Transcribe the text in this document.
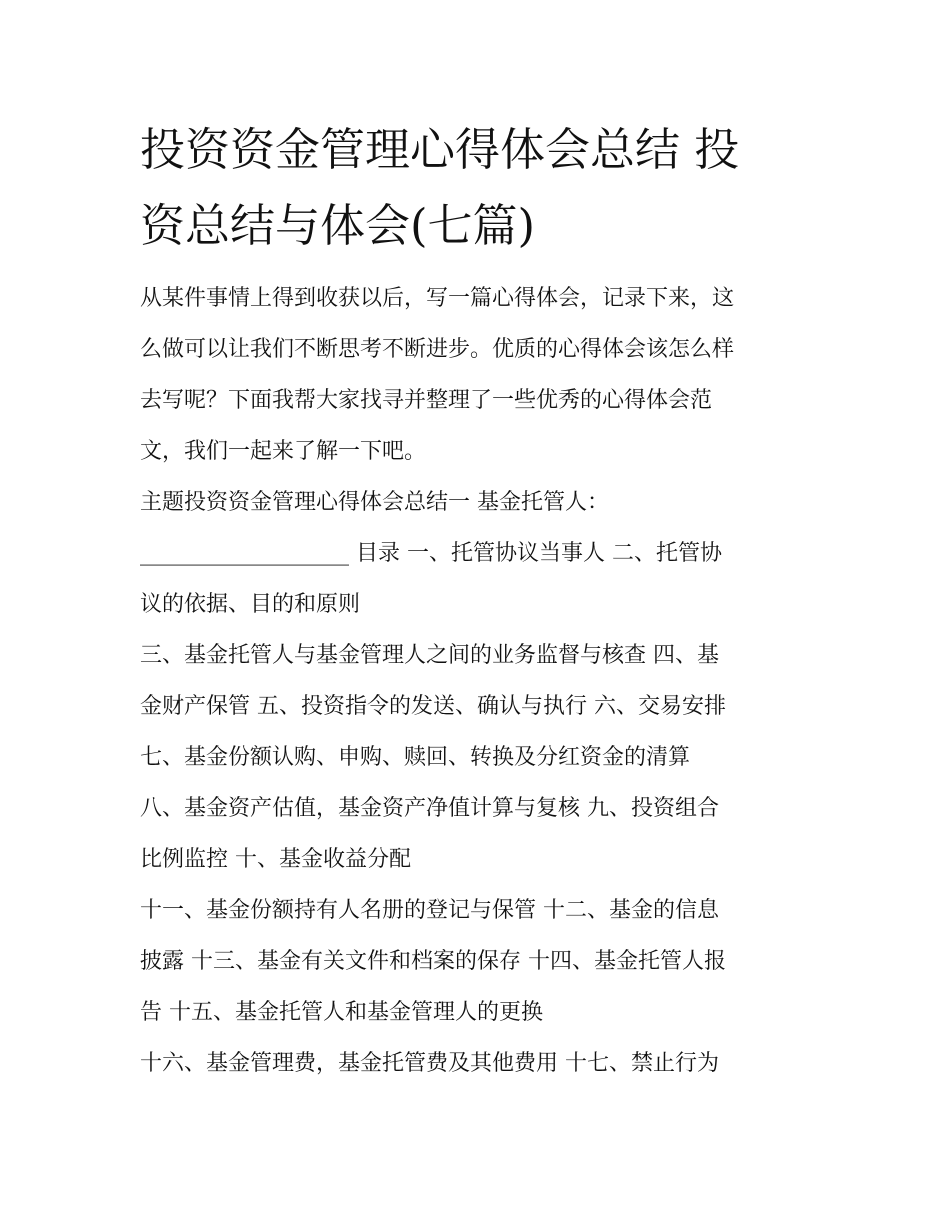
投资资金管理心得体会总结 投
资总结与体会(七篇)
从某件事情上得到收获以后，写一篇心得体会，记录下来，这
么做可以让我们不断思考不断进步。优质的心得体会该怎么样
去写呢？下面我帮大家找寻并整理了一些优秀的心得体会范
文，我们一起来了解一下吧。
主题投资资金管理心得体会总结一 基金托管人：
___________________ 目录 一、托管协议当事人 二、托管协
议的依据、目的和原则
三、基金托管人与基金管理人之间的业务监督与核查 四、基
金财产保管 五、投资指令的发送、确认与执行 六、交易安排
七、基金份额认购、申购、赎回、转换及分红资金的清算
八、基金资产估值，基金资产净值计算与复核 九、投资组合
比例监控 十、基金收益分配
十一、基金份额持有人名册的登记与保管 十二、基金的信息
披露 十三、基金有关文件和档案的保存 十四、基金托管人报
告 十五、基金托管人和基金管理人的更换
十六、基金管理费，基金托管费及其他费用 十七、禁止行为
